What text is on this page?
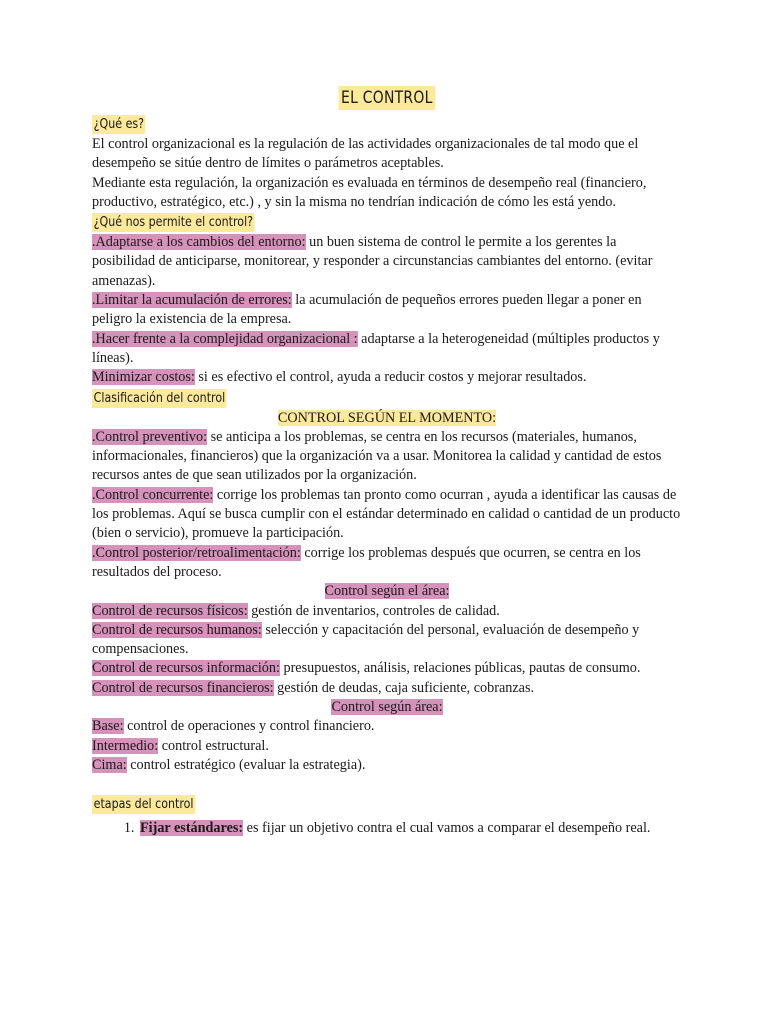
EL CONTROL
¿Qué es?

El control organizacional es la regulación de las actividades organizacionales de tal modo que el desempeño se sitúe dentro de límites o parámetros aceptables.

Mediante esta regulación, la organización es evaluada en términos de desempeño real (financiero, productivo, estratégico, etc.) , y sin la misma no tendrían indicación de cómo les está yendo.

¿Qué nos permite el control?

.Adaptarse a los cambios del entorno: un buen sistema de control le permite a los gerentes la posibilidad de anticiparse, monitorear, y responder a circunstancias cambiantes del entorno. (evitar amenazas).

.Limitar la acumulación de errores: la acumulación de pequeños errores pueden llegar a poner en peligro la existencia de la empresa.

.Hacer frente a la complejidad organizacional : adaptarse a la heterogeneidad (múltiples productos y líneas).

Minimizar costos: si es efectivo el control, ayuda a reducir costos y mejorar resultados.

Clasificación del control

CONTROL SEGÚN EL MOMENTO:

.Control preventivo: se anticipa a los problemas, se centra en los recursos (materiales, humanos, informacionales, financieros) que la organización va a usar. Monitorea la calidad y cantidad de estos recursos antes de que sean utilizados por la organización.

.Control concurrente: corrige los problemas tan pronto como ocurran , ayuda a identificar las causas de los problemas. Aquí se busca cumplir con el estándar determinado en calidad o cantidad de un producto (bien o servicio), promueve la participación.

.Control posterior/retroalimentación: corrige los problemas después que ocurren, se centra en los resultados del proceso.

Control según el área:

Control de recursos físicos: gestión de inventarios, controles de calidad.

Control de recursos humanos: selección y capacitación del personal, evaluación de desempeño y compensaciones.

Control de recursos información: presupuestos, análisis, relaciones públicas, pautas de consumo.

Control de recursos financieros: gestión de deudas, caja suficiente, cobranzas.

Control según área:

Base: control de operaciones y control financiero.

Intermedio: control estructural.

Cima: control estratégico (evaluar la estrategia).

etapas del control
1. Fijar estándares: es fijar un objetivo contra el cual vamos a comparar el desempeño real.
